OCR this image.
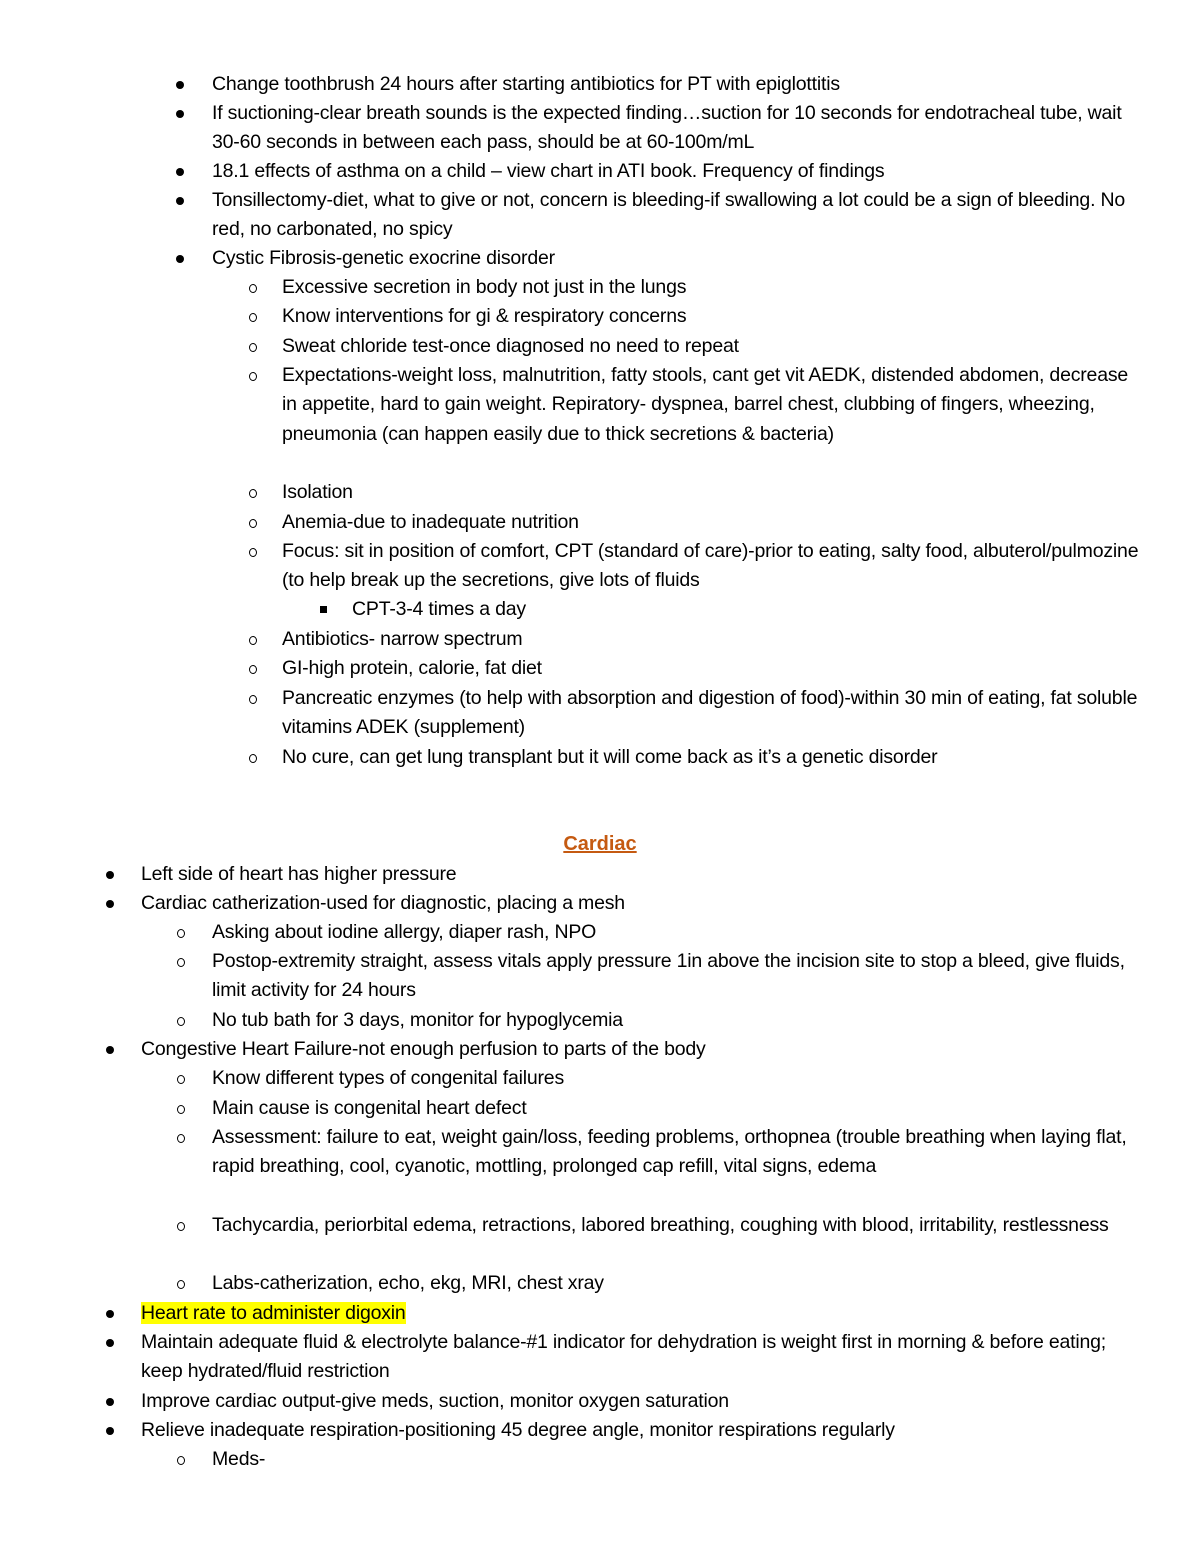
Change toothbrush 24 hours after starting antibiotics for PT with epiglottitis
If suctioning-clear breath sounds is the expected finding…suction for 10 seconds for endotracheal tube, wait 30-60 seconds in between each pass, should be at 60-100m/mL
18.1 effects of asthma on a child – view chart in ATI book. Frequency of findings
Tonsillectomy-diet, what to give or not, concern is bleeding-if swallowing a lot could be a sign of bleeding. No red, no carbonated, no spicy
Cystic Fibrosis-genetic exocrine disorder
Excessive secretion in body not just in the lungs
Know interventions for gi & respiratory concerns
Sweat chloride test-once diagnosed no need to repeat
Expectations-weight loss, malnutrition, fatty stools, cant get vit AEDK, distended abdomen, decrease in appetite, hard to gain weight. Repiratory- dyspnea, barrel chest, clubbing of fingers, wheezing, pneumonia (can happen easily due to thick secretions & bacteria)
Isolation
Anemia-due to inadequate nutrition
Focus: sit in position of comfort, CPT (standard of care)-prior to eating, salty food, albuterol/pulmozine (to help break up the secretions, give lots of fluids
CPT-3-4 times a day
Antibiotics- narrow spectrum
GI-high protein, calorie, fat diet
Pancreatic enzymes (to help with absorption and digestion of food)-within 30 min of eating, fat soluble vitamins ADEK (supplement)
No cure, can get lung transplant but it will come back as it’s a genetic disorder
Cardiac
Left side of heart has higher pressure
Cardiac catherization-used for diagnostic, placing a mesh
Asking about iodine allergy, diaper rash, NPO
Postop-extremity straight, assess vitals apply pressure 1in above the incision site to stop a bleed, give fluids, limit activity for 24 hours
No tub bath for 3 days, monitor for hypoglycemia
Congestive Heart Failure-not enough perfusion to parts of the body
Know different types of congenital failures
Main cause is congenital heart defect
Assessment: failure to eat, weight gain/loss, feeding problems, orthopnea (trouble breathing when laying flat, rapid breathing, cool, cyanotic, mottling, prolonged cap refill, vital signs, edema
Tachycardia, periorbital edema, retractions, labored breathing, coughing with blood, irritability, restlessness
Labs-catherization, echo, ekg, MRI, chest xray
Heart rate to administer digoxin
Maintain adequate fluid & electrolyte balance-#1 indicator for dehydration is weight first in morning & before eating; keep hydrated/fluid restriction
Improve cardiac output-give meds, suction, monitor oxygen saturation
Relieve inadequate respiration-positioning 45 degree angle, monitor respirations regularly
Meds-
